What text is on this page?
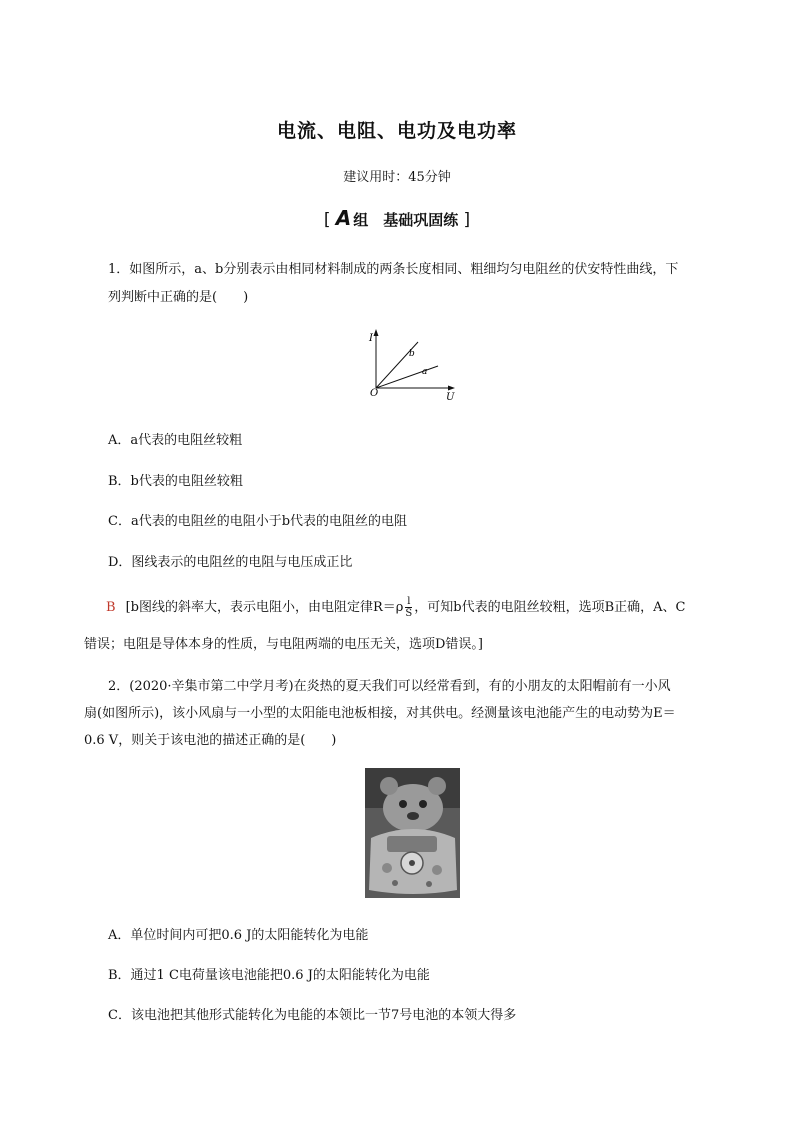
电流、电阻、电功及电功率
建议用时：45分钟
[ A 组　基础巩固练 ]
1．如图所示，a、b分别表示由相同材料制成的两条长度相同、粗细均匀电阻丝的伏安特性曲线，下
列判断中正确的是(　　)
I
U
O
b
a
A．a代表的电阻丝较粗
B．b代表的电阻丝较粗
C．a代表的电阻丝的电阻小于b代表的电阻丝的电阻
D．图线表示的电阻丝的电阻与电压成正比
B [b图线的斜率大，表示电阻小，由电阻定律$R=\rho \frac{l}{S}$ ，可知b代表的电阻丝较粗，选项B正确，A、C
错误；电阻是导体本身的性质，与电阻两端的电压无关，选项D错误。]
2．(2020·辛集市第二中学月考)在炎热的夏天我们可以经常看到，有的小朋友的太阳帽前有一小风
扇(如图所示)，该小风扇与一小型的太阳能电池板相接，对其供电。经测量该电池能产生的电动势为E＝
0.6 V，则关于该电池的描述正确的是(　　)
A．单位时间内可把0.6 J的太阳能转化为电能
B．通过1 C电荷量该电池能把0.6 J的太阳能转化为电能
C．该电池把其他形式能转化为电能的本领比一节7号电池的本领大得多
